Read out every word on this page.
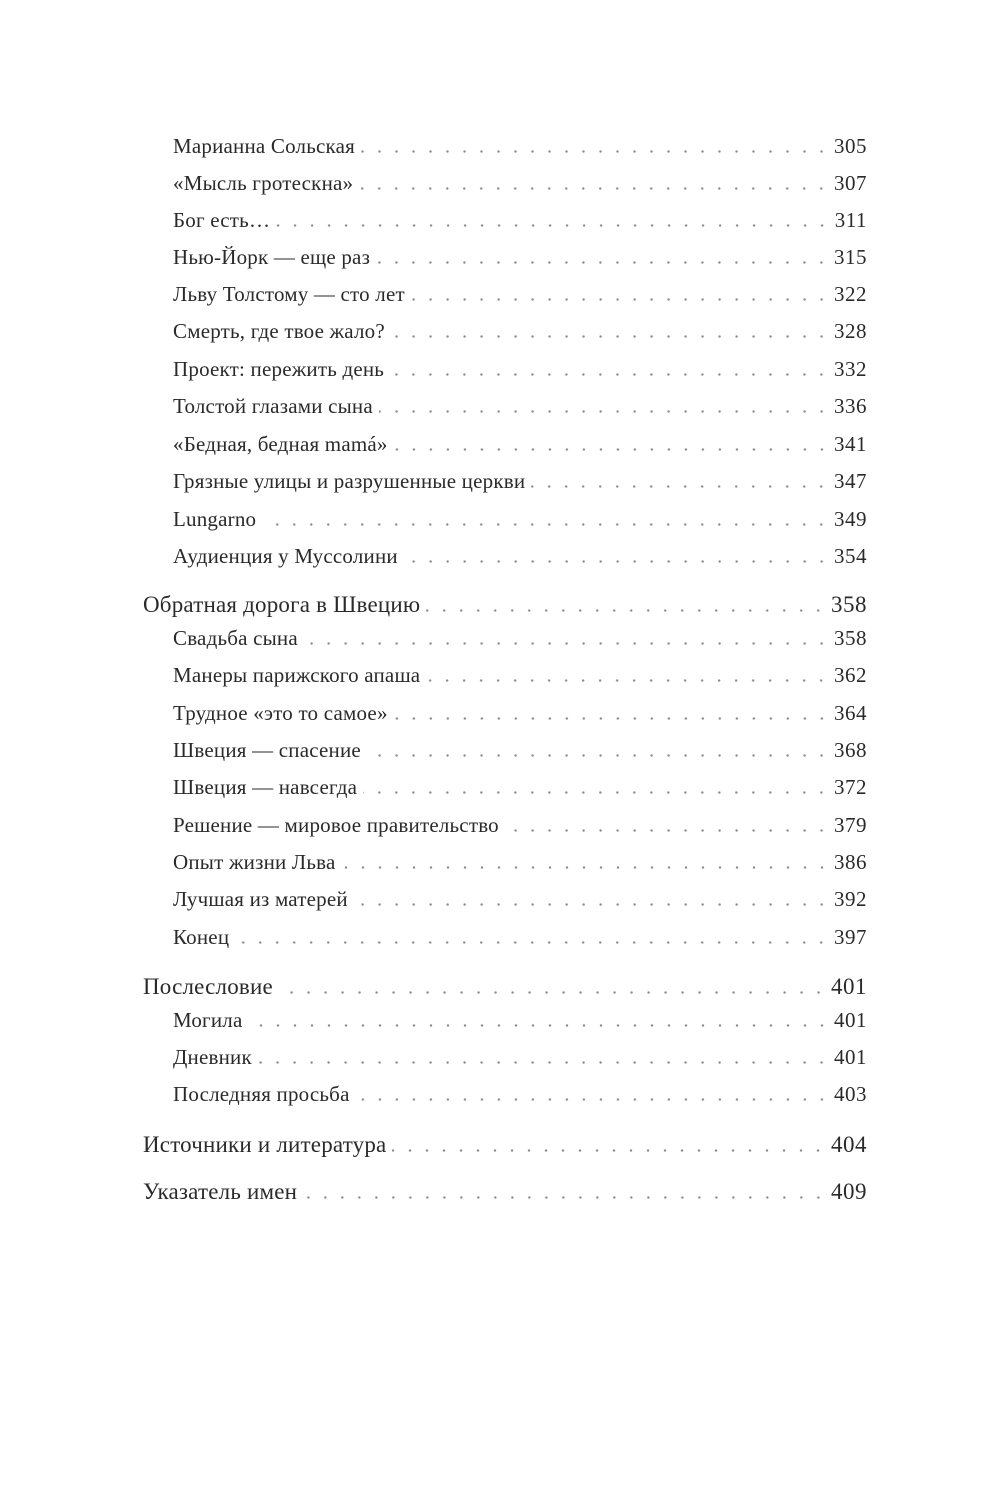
Марианна Сольская	305
«Мысль гротескна»	307
Бог есть…	311
Нью-Йорк — еще раз	315
Льву Толстому — сто лет	322
Смерть, где твое жало?	328
Проект: пережить день	332
Толстой глазами сына	336
«Бедная, бедная mamá»	341
Грязные улицы и разрушенные церкви	347
Lungarno	349
Аудиенция у Муссолини	354
Обратная дорога в Швецию	358
Свадьба сына	358
Манеры парижского апаша	362
Трудное «это то самое»	364
Швеция — спасение	368
Швеция — навсегда	372
Решение — мировое правительство	379
Опыт жизни Льва	386
Лучшая из матерей	392
Конец	397
Послесловие	401
Могила	401
Дневник	401
Последняя просьба	403
Источники и литература	404
Указатель имен	409
